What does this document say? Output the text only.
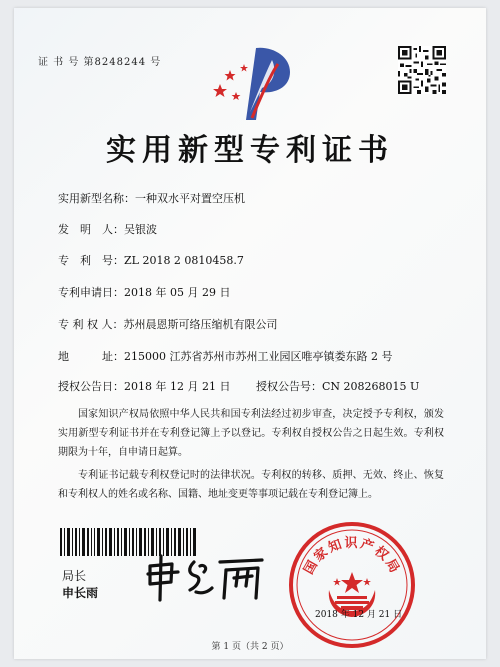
证 书 号 第8248244 号
实用新型专利证书
实用新型名称：一种双水平对置空压机
发　明　人：吴银波
专　利　号：ZL 2018 2 0810458.7
专利申请日：2018 年 05 月 29 日
专 利 权 人：苏州晨恩斯可络压缩机有限公司
地　　　址：215000 江苏省苏州市苏州工业园区唯亭镇娄东路 2 号
授权公告日：2018 年 12 月 21 日 授权公告号：CN 208268015 U
国家知识产权局依照中华人民共和国专利法经过初步审查，决定授予专利权，颁发实用新型专利证书并在专利登记簿上予以登记。专利权自授权公告之日起生效。专利权期限为十年，自申请日起算。
专利证书记载专利权登记时的法律状况。专利权的转移、质押、无效、终止、恢复和专利权人的姓名或名称、国籍、地址变更等事项记载在专利登记簿上。
局长
申长雨
国家知识产权局
2018 年 12 月 21 日
第 1 页（共 2 页）
